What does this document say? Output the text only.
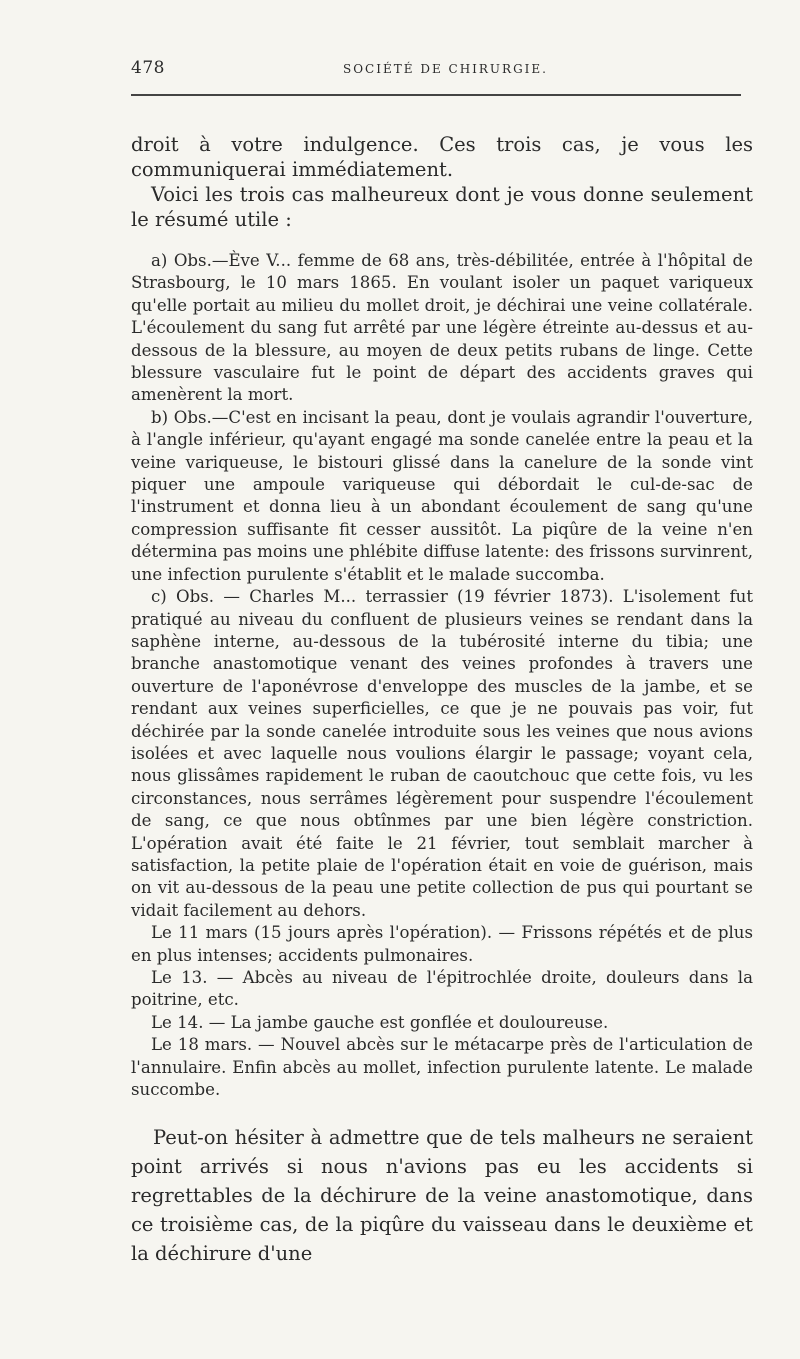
478	SOCIÉTÉ DE CHIRURGIE.

droit à votre indulgence. Ces trois cas, je vous les communiquerai immédiatement.

Voici les trois cas malheureux dont je vous donne seulement le résumé utile :

a) Obs.—Ève V... femme de 68 ans, très-débilitée, entrée à l'hôpital de Strasbourg, le 10 mars 1865. En voulant isoler un paquet variqueux qu'elle portait au milieu du mollet droit, je déchirai une veine collatérale. L'écoulement du sang fut arrêté par une légère étreinte au-dessus et au-dessous de la blessure, au moyen de deux petits rubans de linge. Cette blessure vasculaire fut le point de départ des accidents graves qui amenèrent la mort.

b) Obs.—C'est en incisant la peau, dont je voulais agrandir l'ouverture, à l'angle inférieur, qu'ayant engagé ma sonde canelée entre la peau et la veine variqueuse, le bistouri glissé dans la canelure de la sonde vint piquer une ampoule variqueuse qui débordait le cul-de-sac de l'instrument et donna lieu à un abondant écoulement de sang qu'une compression suffisante fit cesser aussitôt. La piqûre de la veine n'en détermina pas moins une phlébite diffuse latente: des frissons survinrent, une infection purulente s'établit et le malade succomba.

c) Obs. — Charles M... terrassier (19 février 1873). L'isolement fut pratiqué au niveau du confluent de plusieurs veines se rendant dans la saphène interne, au-dessous de la tubérosité interne du tibia; une branche anastomotique venant des veines profondes à travers une ouverture de l'aponévrose d'enveloppe des muscles de la jambe, et se rendant aux veines superficielles, ce que je ne pouvais pas voir, fut déchirée par la sonde canelée introduite sous les veines que nous avions isolées et avec laquelle nous voulions élargir le passage; voyant cela, nous glissâmes rapidement le ruban de caoutchouc que cette fois, vu les circonstances, nous serrâmes légèrement pour suspendre l'écoulement de sang, ce que nous obtînmes par une bien légère constriction. L'opération avait été faite le 21 février, tout semblait marcher à satisfaction, la petite plaie de l'opération était en voie de guérison, mais on vit au-dessous de la peau une petite collection de pus qui pourtant se vidait facilement au dehors.

Le 11 mars (15 jours après l'opération). — Frissons répétés et de plus en plus intenses; accidents pulmonaires.

Le 13. — Abcès au niveau de l'épitrochlée droite, douleurs dans la poitrine, etc.

Le 14. — La jambe gauche est gonflée et douloureuse.

Le 18 mars. — Nouvel abcès sur le métacarpe près de l'articulation de l'annulaire. Enfin abcès au mollet, infection purulente latente. Le malade succombe.

Peut-on hésiter à admettre que de tels malheurs ne seraient point arrivés si nous n'avions pas eu les accidents si regrettables de la déchirure de la veine anastomotique, dans ce troisième cas, de la piqûre du vaisseau dans le deuxième et la déchirure d'une
